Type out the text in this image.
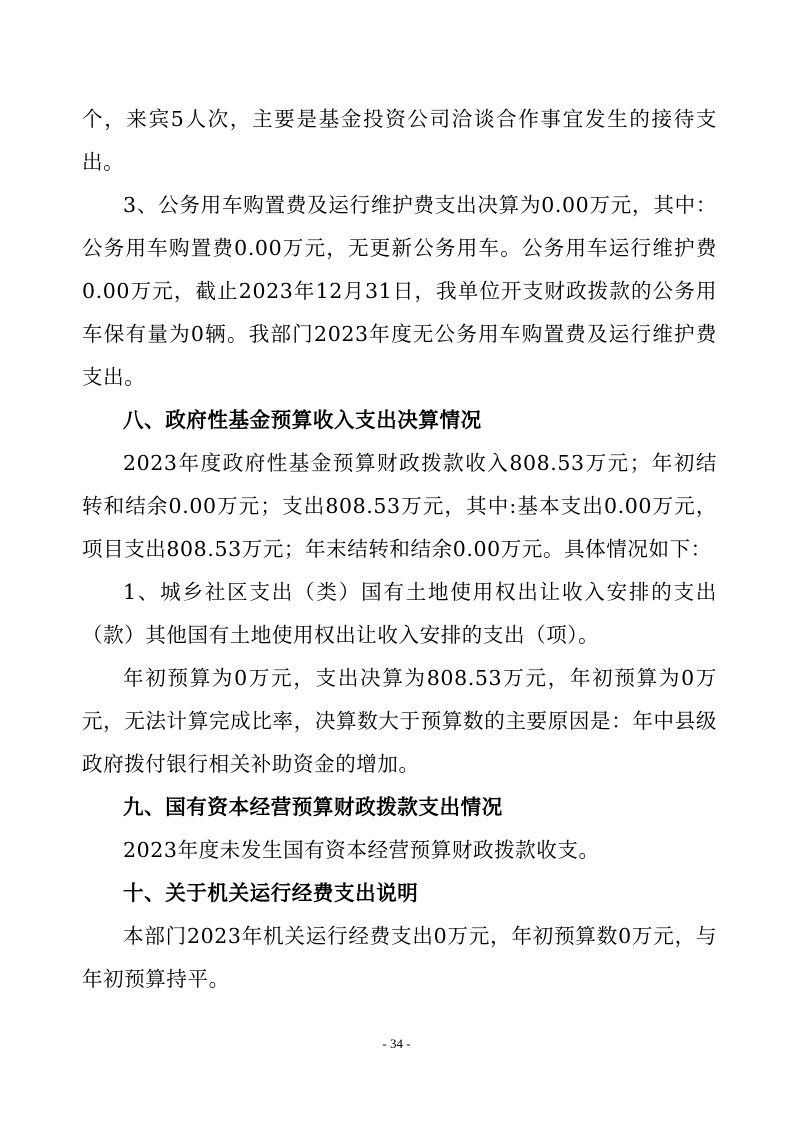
个，来宾5人次，主要是基金投资公司洽谈合作事宜发生的接待支出。

3、公务用车购置费及运行维护费支出决算为0.00万元，其中：公务用车购置费0.00万元，无更新公务用车。公务用车运行维护费0.00万元，截止2023年12月31日，我单位开支财政拨款的公务用车保有量为0辆。我部门2023年度无公务用车购置费及运行维护费支出。

八、政府性基金预算收入支出决算情况

2023年度政府性基金预算财政拨款收入808.53万元；年初结转和结余0.00万元；支出808.53万元，其中:基本支出0.00万元，项目支出808.53万元；年末结转和结余0.00万元。具体情况如下：

1、城乡社区支出（类）国有土地使用权出让收入安排的支出（款）其他国有土地使用权出让收入安排的支出（项）。

年初预算为0万元，支出决算为808.53万元，年初预算为0万元，无法计算完成比率，决算数大于预算数的主要原因是：年中县级政府拨付银行相关补助资金的增加。

九、国有资本经营预算财政拨款支出情况

2023年度未发生国有资本经营预算财政拨款收支。

十、关于机关运行经费支出说明

本部门2023年机关运行经费支出0万元，年初预算数0万元，与年初预算持平。

- 34 -
